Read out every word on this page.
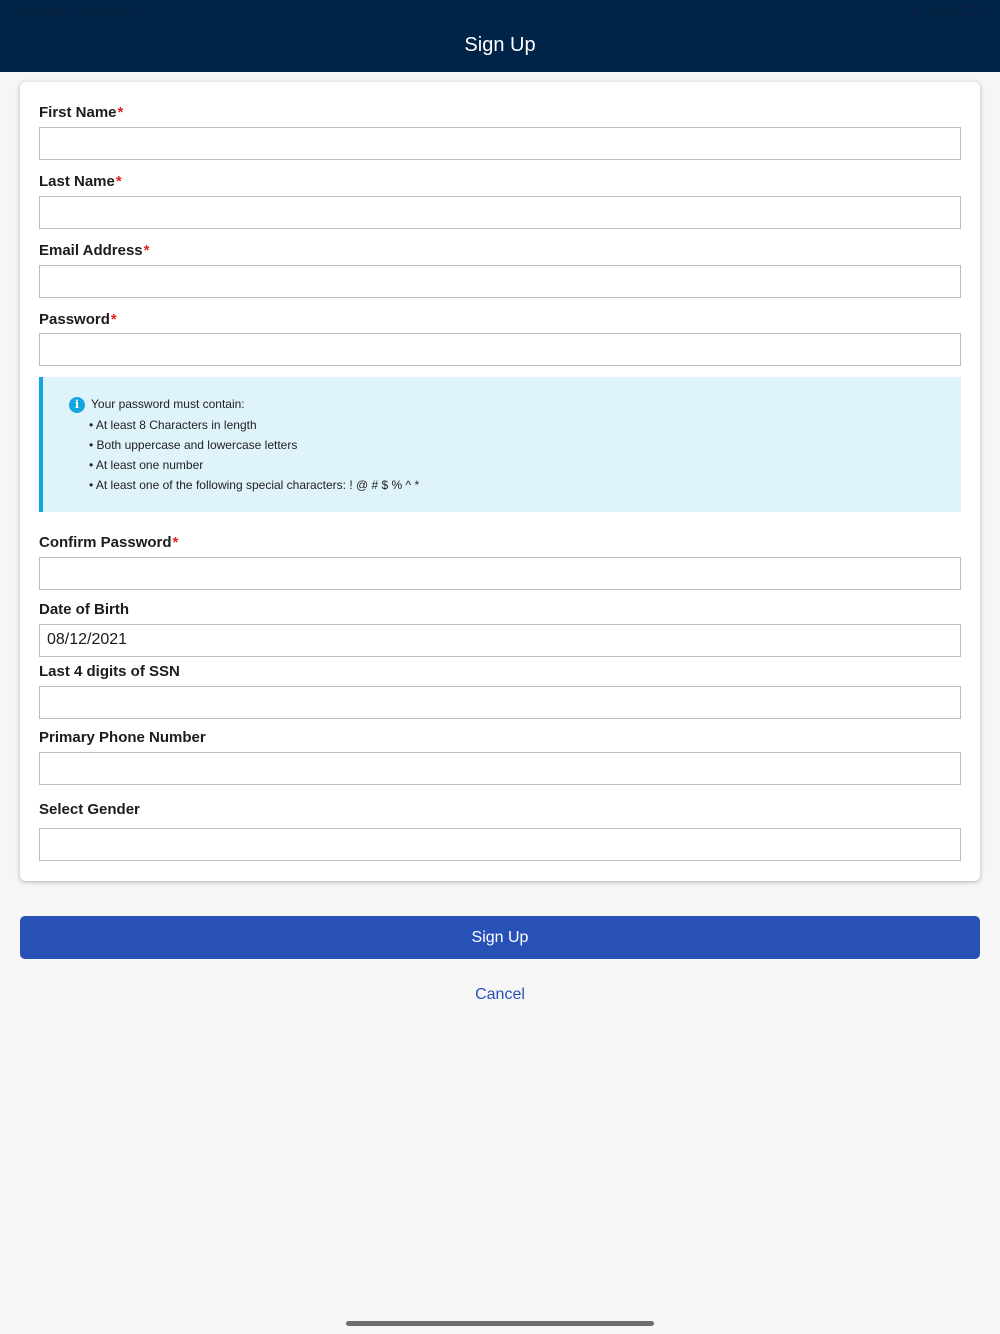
10:30 AM Thu Aug 12	100%
Sign Up
First Name*
Last Name*
Email Address*
Password*
i Your password must contain:
• At least 8 Characters in length
• Both uppercase and lowercase letters
• At least one number
• At least one of the following special characters: ! @ # $ % ^ *
Confirm Password*
Date of Birth
08/12/2021
Last 4 digits of SSN
Primary Phone Number
Select Gender
Sign Up
Cancel
